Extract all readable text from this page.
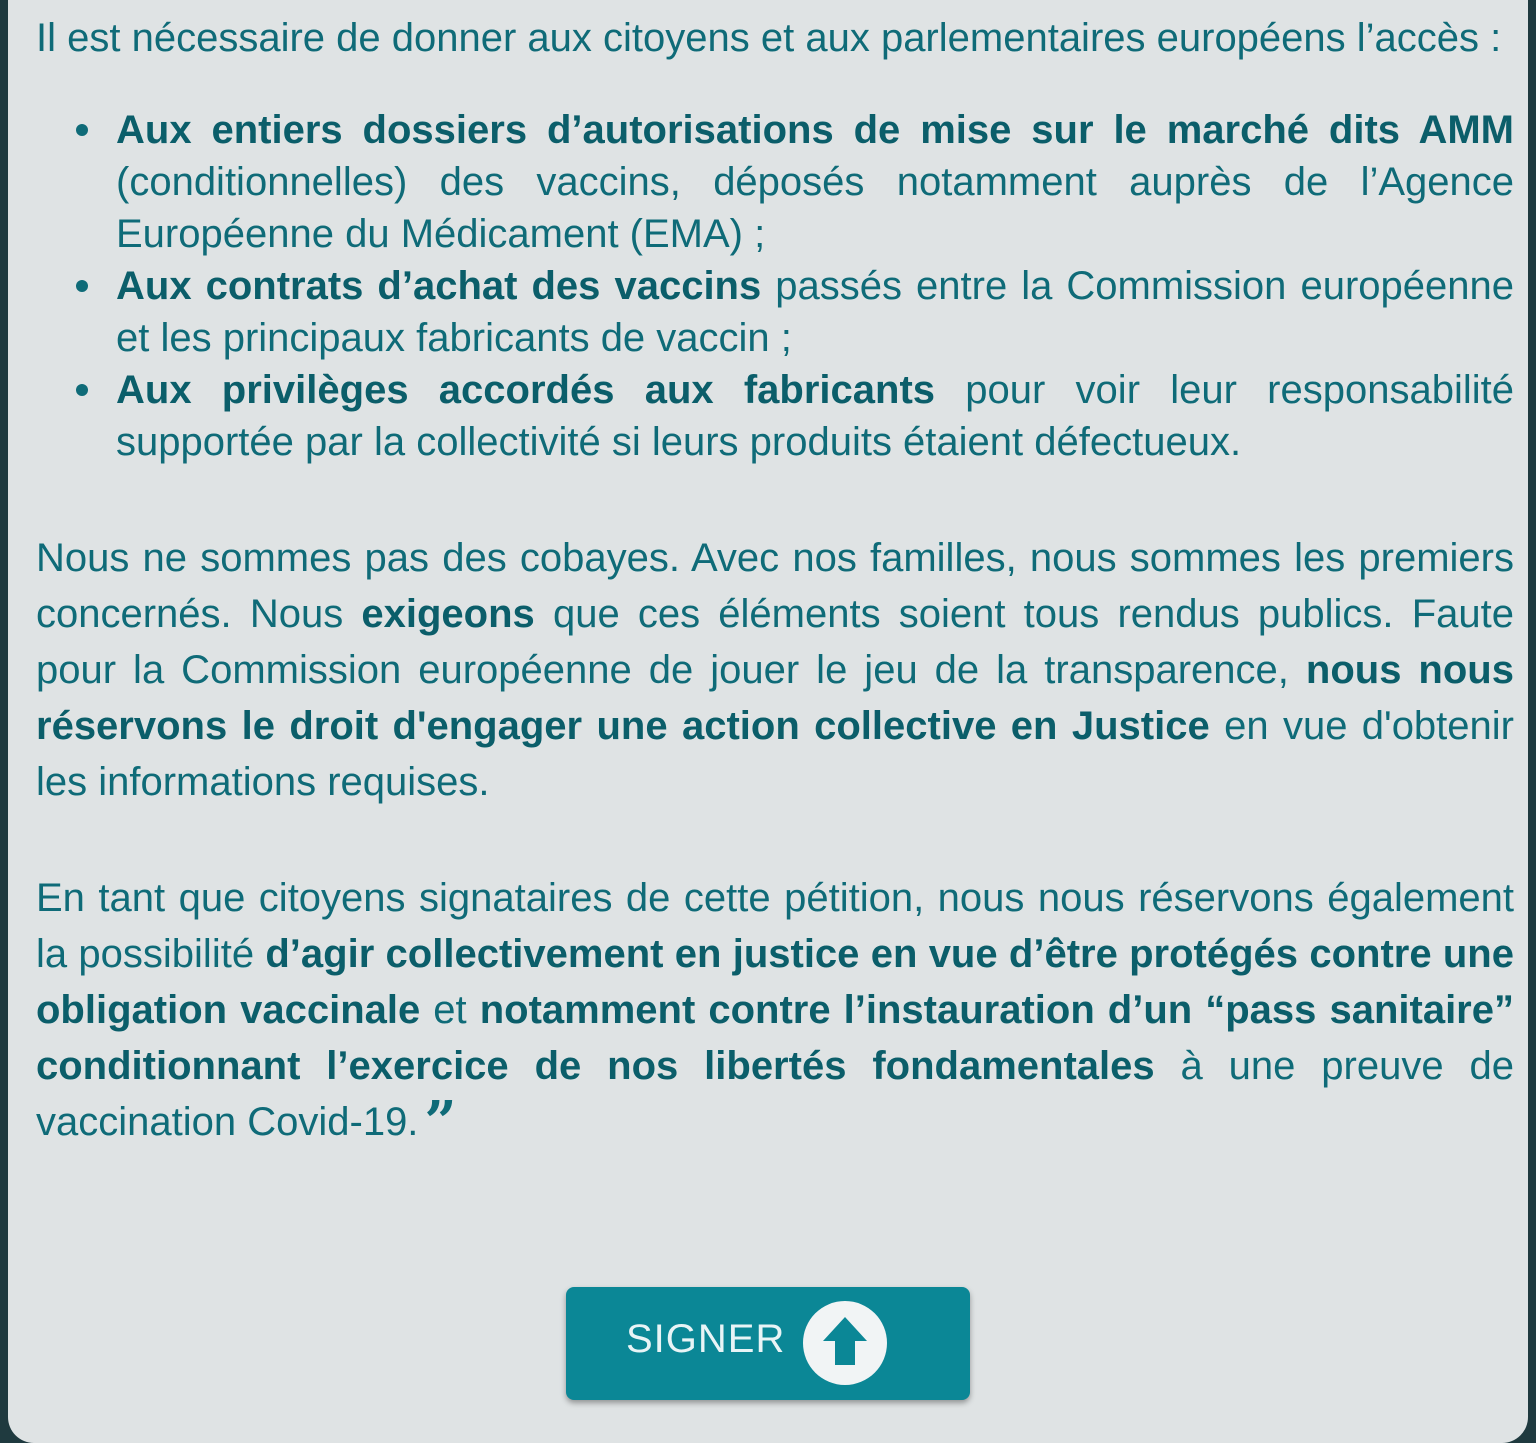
Il est nécessaire de donner aux citoyens et aux parlementaires européens l’accès :

Aux entiers dossiers d’autorisations de mise sur le marché dits AMM (conditionnelles) des vaccins, déposés notamment auprès de l’Agence Européenne du Médicament (EMA) ;
Aux contrats d’achat des vaccins passés entre la Commission européenne et les principaux fabricants de vaccin ;
Aux privilèges accordés aux fabricants pour voir leur responsabilité supportée par la collectivité si leurs produits étaient défectueux.

Nous ne sommes pas des cobayes. Avec nos familles, nous sommes les premiers concernés. Nous exigeons que ces éléments soient tous rendus publics. Faute pour la Commission européenne de jouer le jeu de la transparence, nous nous réservons le droit d'engager une action collective en Justice en vue d'obtenir les informations requises.

En tant que citoyens signataires de cette pétition, nous nous réservons également la possibilité d’agir collectivement en justice en vue d’être protégés contre une obligation vaccinale et notamment contre l’instauration d’un “pass sanitaire” conditionnant l’exercice de nos libertés fondamentales à une preuve de vaccination Covid-19. ”

SIGNER
